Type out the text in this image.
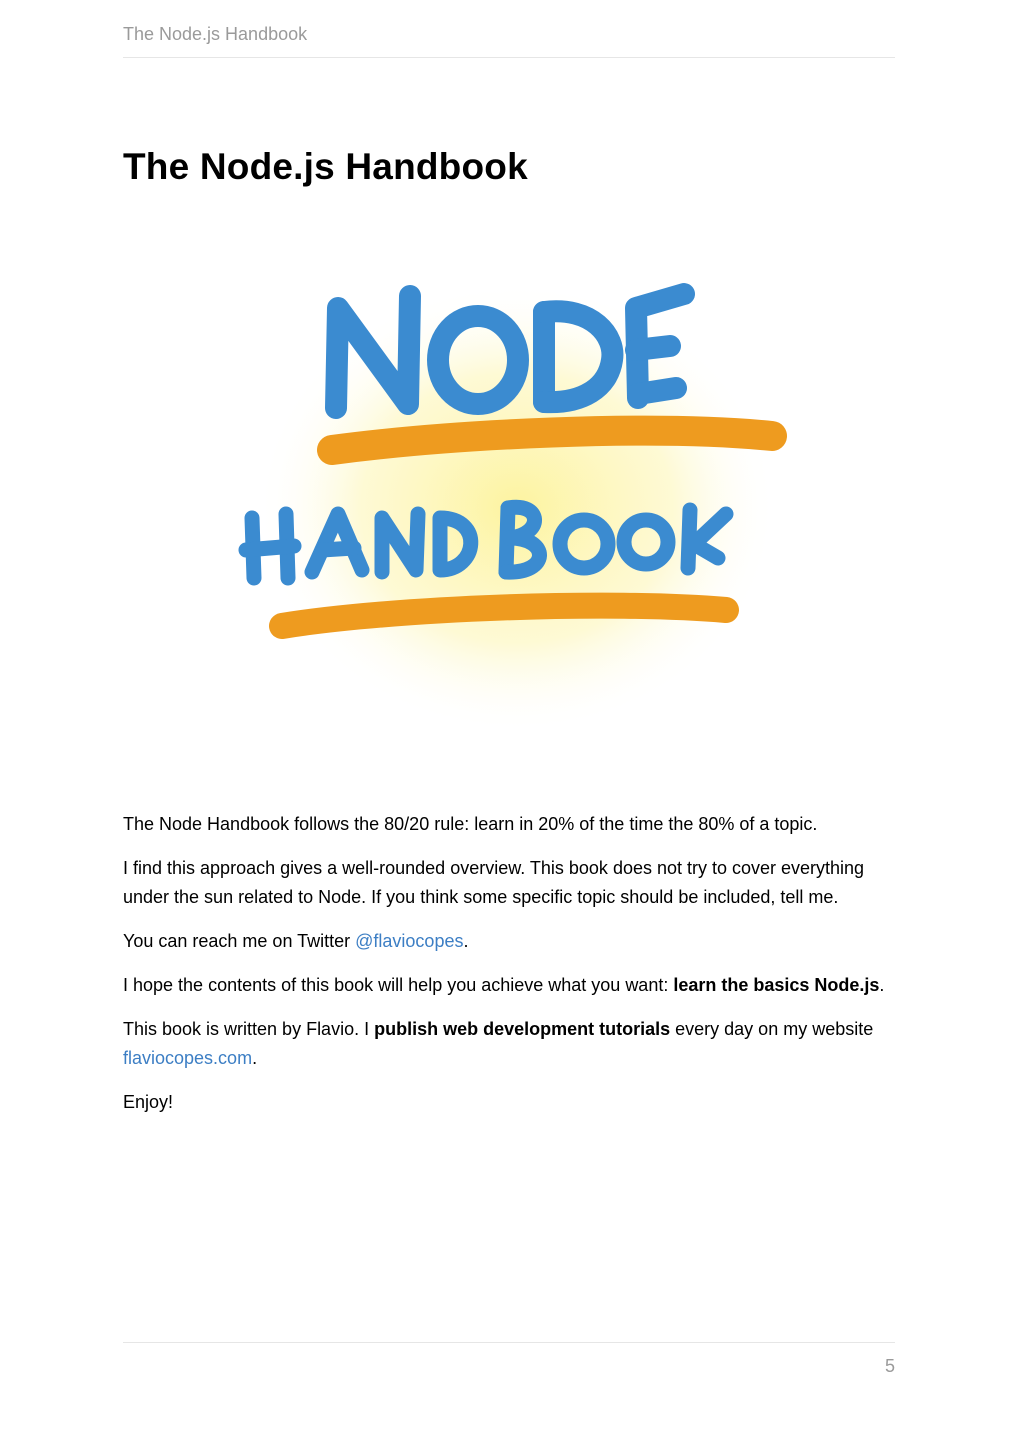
The Node.js Handbook
The Node.js Handbook

The Node Handbook follows the 80/20 rule: learn in 20% of the time the 80% of a topic.

I find this approach gives a well-rounded overview. This book does not try to cover everything under the sun related to Node. If you think some specific topic should be included, tell me.

You can reach me on Twitter @flaviocopes.

I hope the contents of this book will help you achieve what you want: learn the basics Node.js.

This book is written by Flavio. I publish web development tutorials every day on my website flaviocopes.com.

Enjoy!

5
